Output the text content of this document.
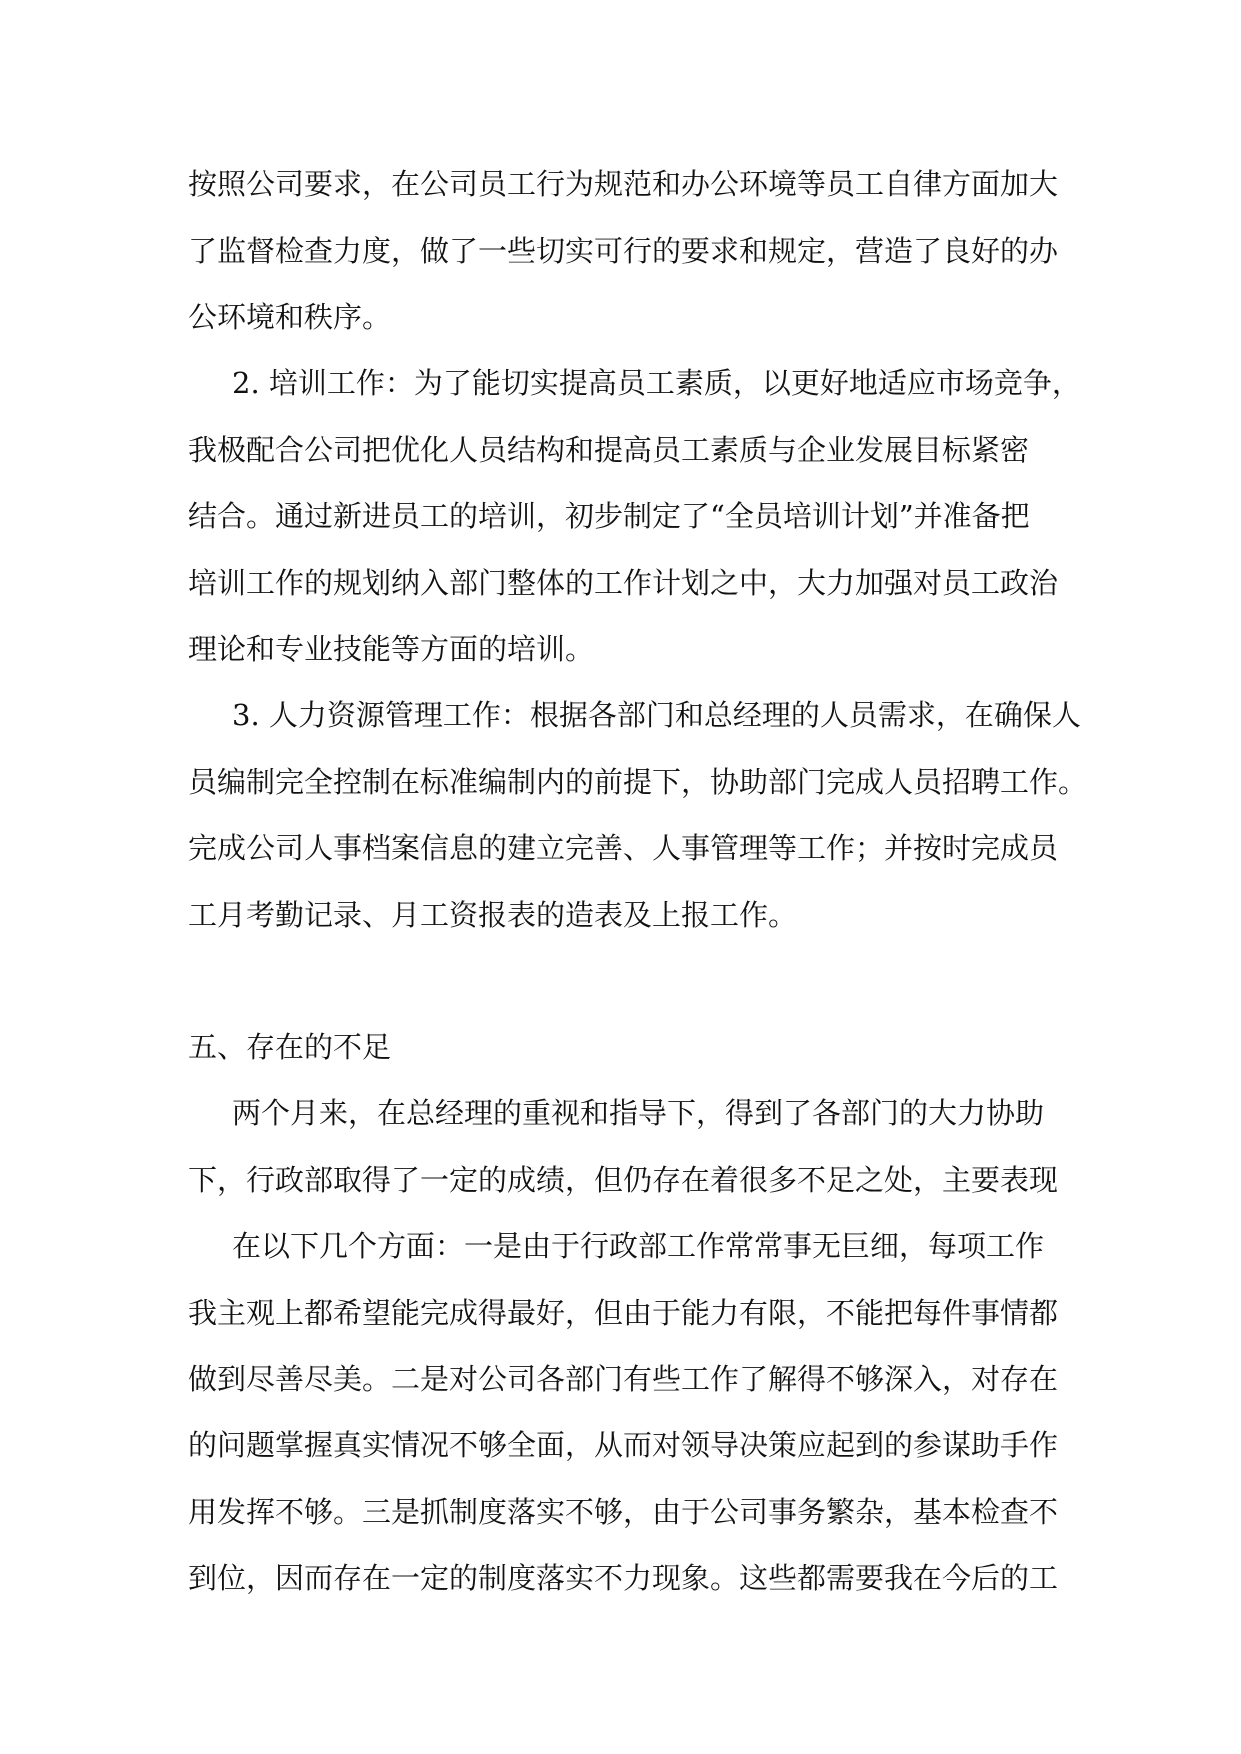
按照公司要求，在公司员工行为规范和办公环境等员工自律方面加大
了监督检查力度，做了一些切实可行的要求和规定，营造了良好的办
公环境和秩序。
2. 培训工作：为了能切实提高员工素质，以更好地适应市场竞争，
我极配合公司把优化人员结构和提高员工素质与企业发展目标紧密
结合。通过新进员工的培训，初步制定了“全员培训计划”并准备把
培训工作的规划纳入部门整体的工作计划之中，大力加强对员工政治
理论和专业技能等方面的培训。
3. 人力资源管理工作：根据各部门和总经理的人员需求，在确保人
员编制完全控制在标准编制内的前提下，协助部门完成人员招聘工作。
完成公司人事档案信息的建立完善、人事管理等工作；并按时完成员
工月考勤记录、月工资报表的造表及上报工作。
五、存在的不足
两个月来，在总经理的重视和指导下，得到了各部门的大力协助
下，行政部取得了一定的成绩，但仍存在着很多不足之处，主要表现
在以下几个方面：一是由于行政部工作常常事无巨细，每项工作
我主观上都希望能完成得最好，但由于能力有限，不能把每件事情都
做到尽善尽美。二是对公司各部门有些工作了解得不够深入，对存在
的问题掌握真实情况不够全面，从而对领导决策应起到的参谋助手作
用发挥不够。三是抓制度落实不够，由于公司事务繁杂，基本检查不
到位，因而存在一定的制度落实不力现象。这些都需要我在今后的工
